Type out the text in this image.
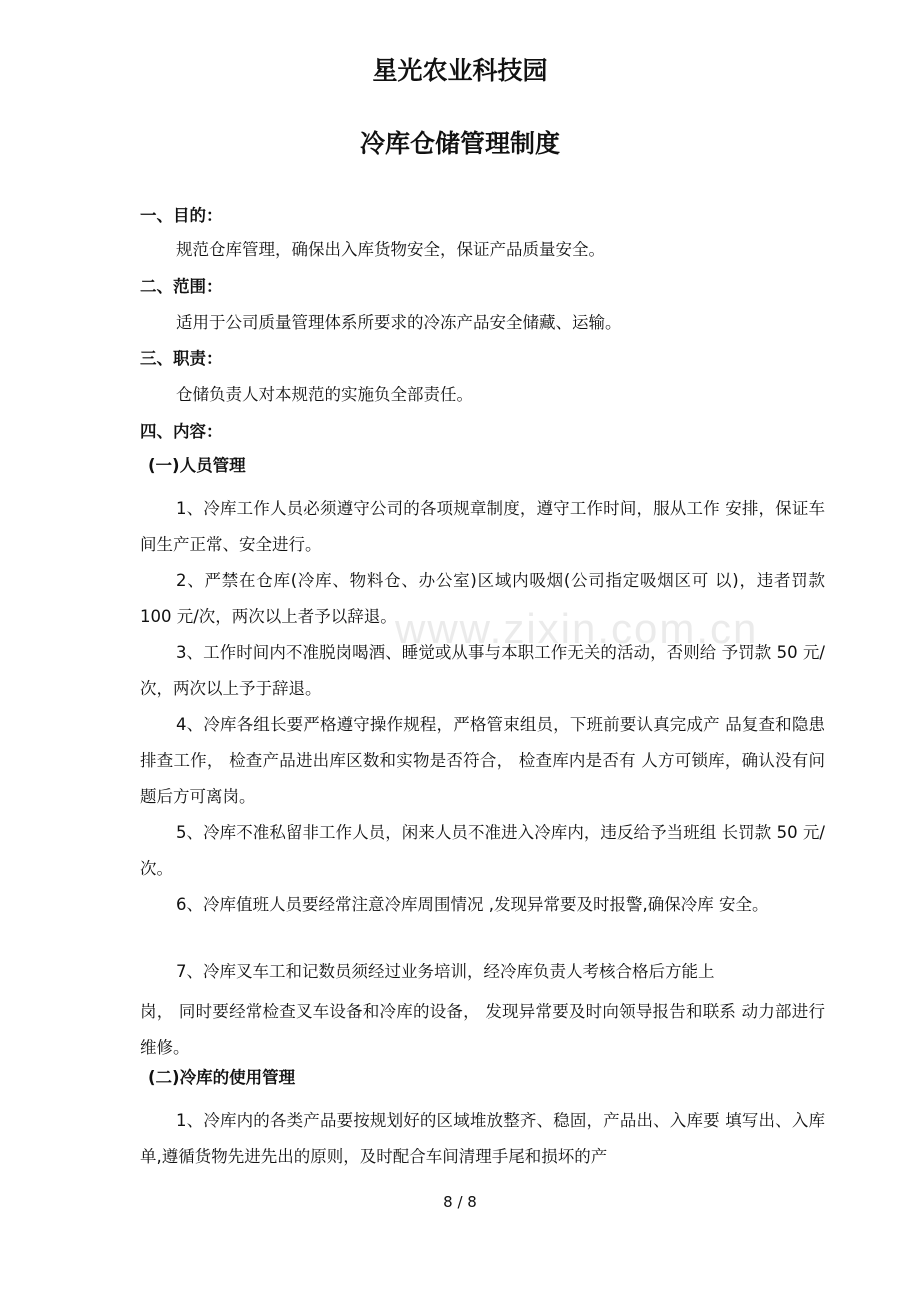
www.zixin.com.cn
星光农业科技园
冷库仓储管理制度
一、目的：
规范仓库管理，确保出入库货物安全，保证产品质量安全。
二、范围：
适用于公司质量管理体系所要求的冷冻产品安全储藏、运输。
三、职责：
仓储负责人对本规范的实施负全部责任。
四、内容：
(一)人员管理

1、冷库工作人员必须遵守公司的各项规章制度，遵守工作时间，服从工作 安排，保证车间生产正常、安全进行。

2、严禁在仓库(冷库、物料仓、办公室)区域内吸烟(公司指定吸烟区可 以)，违者罚款 100 元/次，两次以上者予以辞退。

3、工作时间内不准脱岗喝酒、睡觉或从事与本职工作无关的活动，否则给 予罚款 50 元/次，两次以上予于辞退。

4、冷库各组长要严格遵守操作规程，严格管束组员，下班前要认真完成产 品复查和隐患排查工作， 检查产品进出库区数和实物是否符合， 检查库内是否有 人方可锁库，确认没有问题后方可离岗。

5、冷库不准私留非工作人员，闲来人员不准进入冷库内，违反给予当班组 长罚款 50 元/次。

6、冷库值班人员要经常注意冷库周围情况 ,发现异常要及时报警,确保冷库 安全。

7、冷库叉车工和记数员须经过业务培训，经冷库负责人考核合格后方能上

岗， 同时要经常检查叉车设备和冷库的设备， 发现异常要及时向领导报告和联系 动力部进行维修。

(二)冷库的使用管理

1、冷库内的各类产品要按规划好的区域堆放整齐、稳固，产品出、入库要 填写出、入库单,遵循货物先进先出的原则，及时配合车间清理手尾和损坏的产

8 / 8
